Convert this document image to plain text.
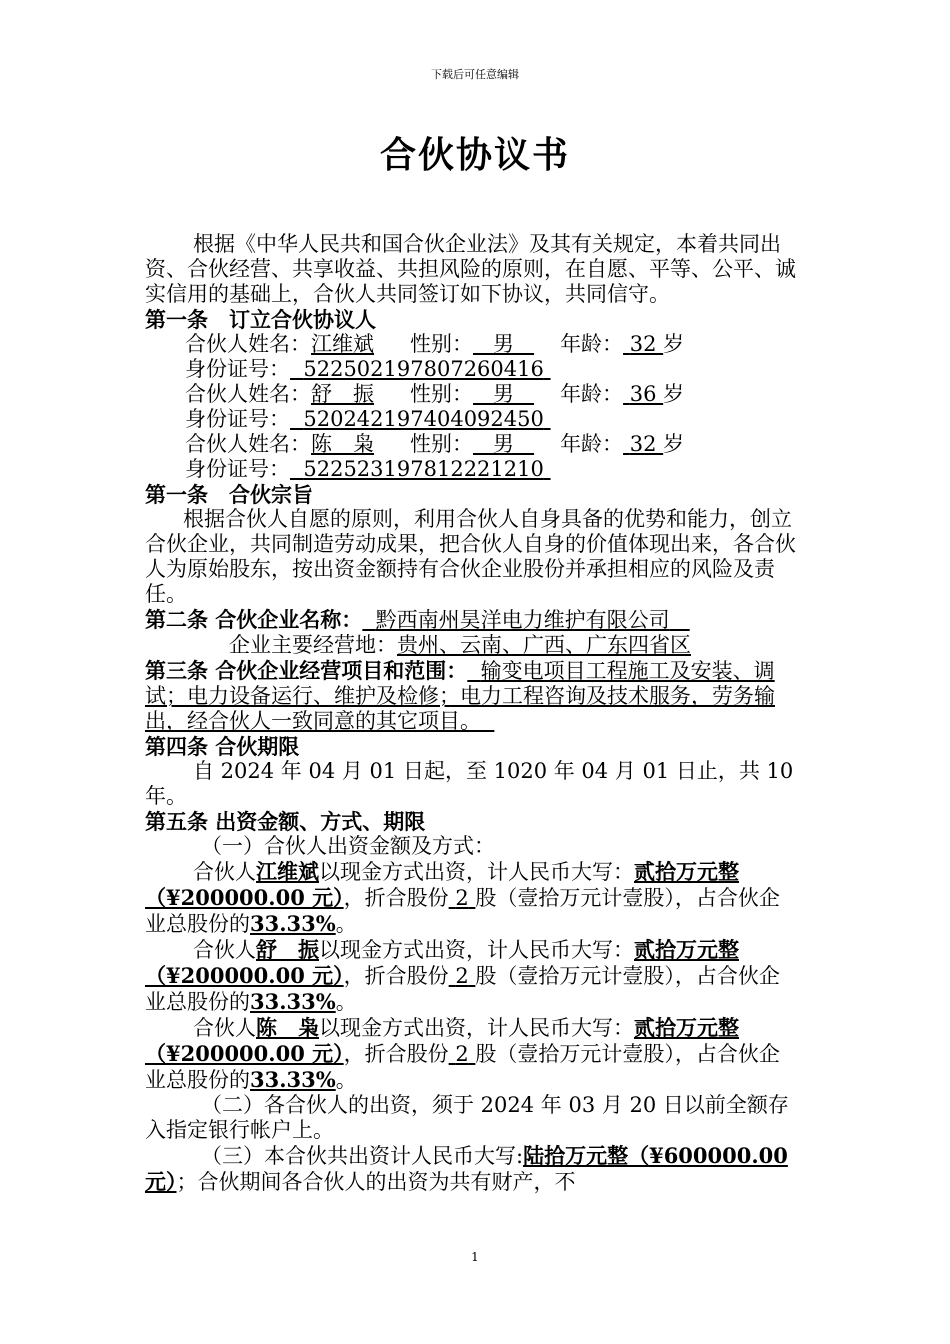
下载后可任意编辑
合伙协议书

根据《中华人民共和国合伙企业法》及其有关规定，本着共同出资、合伙经营、共享收益、共担风险的原则，在自愿、平等、公平、诚实信用的基础上，合伙人共同签订如下协议，共同信守。

第一条　订立合伙协议人

合伙人姓名：江维斌 性别： 男 年龄： 32 岁

身份证号： 522502197807260416

合伙人姓名：舒　振 性别： 男 年龄： 36 岁

身份证号： 520242197404092450

合伙人姓名：陈　枭 性别： 男 年龄： 32 岁

身份证号： 522523197812221210

第一条　合伙宗旨

根据合伙人自愿的原则，利用合伙人自身具备的优势和能力，创立合伙企业，共同制造劳动成果，把合伙人自身的价值体现出来，各合伙人为原始股东，按出资金额持有合伙企业股份并承担相应的风险及责任。

第二条 合伙企业名称： 黔西南州昊洋电力维护有限公司

企业主要经营地：贵州、云南、广西、广东四省区

第三条 合伙企业经营项目和范围： 输变电项目工程施工及安装、调试；电力设备运行、维护及检修；电力工程咨询及技术服务，劳务输出，经合伙人一致同意的其它项目。

第四条 合伙期限

自 2024 年 04 月 01 日起，至 1020 年 04 月 01 日止，共 10 年。

第五条 出资金额、方式、期限

（一）合伙人出资金额及方式：

合伙人江维斌以现金方式出资，计人民币大写：贰拾万元整（¥200000.00 元），折合股份 2 股（壹拾万元计壹股），占合伙企业总股份的33.33%。

合伙人舒　振以现金方式出资，计人民币大写：贰拾万元整（¥200000.00 元），折合股份 2 股（壹拾万元计壹股），占合伙企业总股份的33.33%。

合伙人陈　枭以现金方式出资，计人民币大写：贰拾万元整（¥200000.00 元），折合股份 2 股（壹拾万元计壹股），占合伙企业总股份的33.33%。

（二）各合伙人的出资，须于 2024 年 03 月 20 日以前全额存入指定银行帐户上。

（三）本合伙共出资计人民币大写:陆拾万元整（¥600000.00 元）；合伙期间各合伙人的出资为共有财产，不

1
